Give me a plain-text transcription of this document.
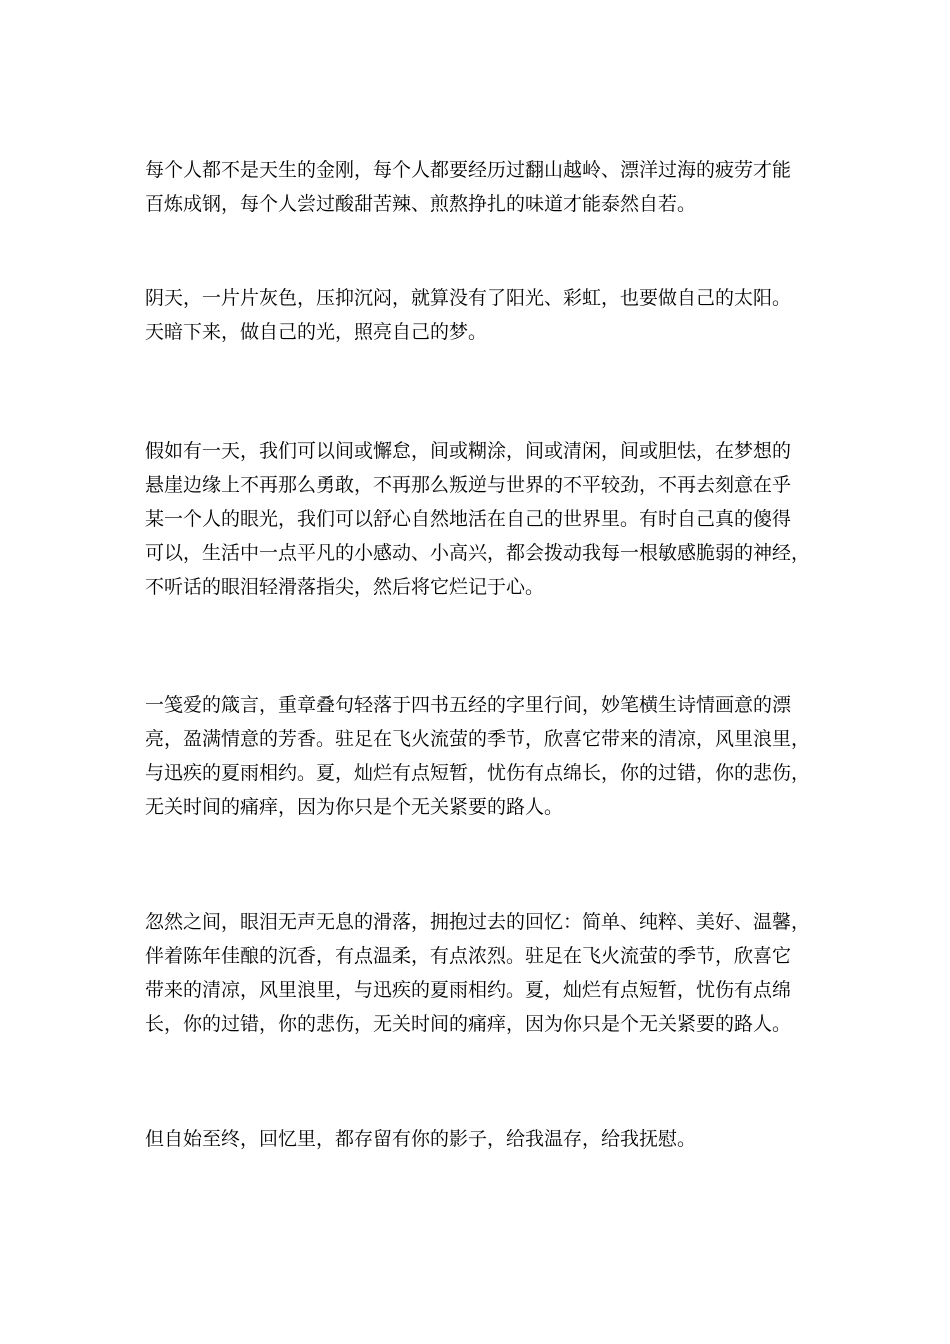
每个人都不是天生的金刚，每个人都要经历过翻山越岭、漂洋过海的疲劳才能
百炼成钢，每个人尝过酸甜苦辣、煎熬挣扎的味道才能泰然自若。

阴天，一片片灰色，压抑沉闷，就算没有了阳光、彩虹，也要做自己的太阳。
天暗下来，做自己的光，照亮自己的梦。

假如有一天，我们可以间或懈怠，间或糊涂，间或清闲，间或胆怯，在梦想的
悬崖边缘上不再那么勇敢，不再那么叛逆与世界的不平较劲，不再去刻意在乎
某一个人的眼光，我们可以舒心自然地活在自己的世界里。有时自己真的傻得
可以，生活中一点平凡的小感动、小高兴，都会拨动我每一根敏感脆弱的神经，
不听话的眼泪轻滑落指尖，然后将它烂记于心。

一笺爱的箴言，重章叠句轻落于四书五经的字里行间，妙笔横生诗情画意的漂
亮，盈满情意的芳香。驻足在飞火流萤的季节，欣喜它带来的清凉，风里浪里，
与迅疾的夏雨相约。夏，灿烂有点短暂，忧伤有点绵长，你的过错，你的悲伤，
无关时间的痛痒，因为你只是个无关紧要的路人。

忽然之间，眼泪无声无息的滑落，拥抱过去的回忆：简单、纯粹、美好、温馨，
伴着陈年佳酿的沉香，有点温柔，有点浓烈。驻足在飞火流萤的季节，欣喜它
带来的清凉，风里浪里，与迅疾的夏雨相约。夏，灿烂有点短暂，忧伤有点绵
长，你的过错，你的悲伤，无关时间的痛痒，因为你只是个无关紧要的路人。

但自始至终，回忆里，都存留有你的影子，给我温存，给我抚慰。
